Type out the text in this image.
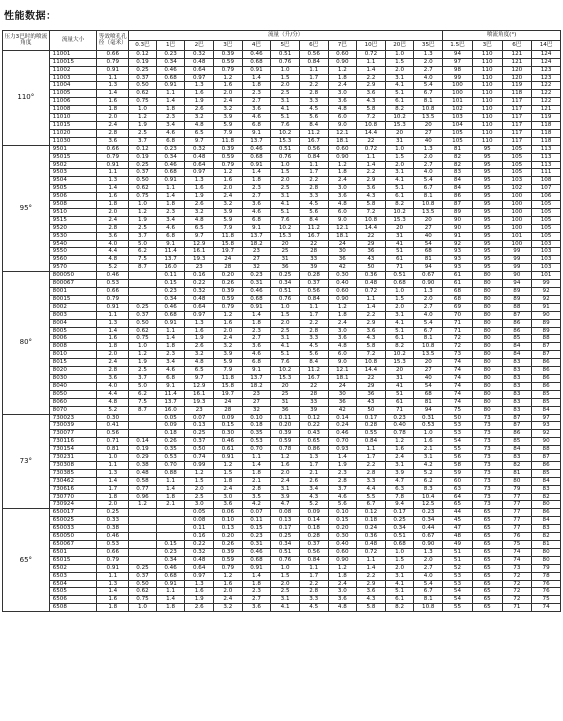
性能数据：
压力3巴时的喷流角度	流量大小	等效喷孔孔径（毫米）	流量（升/分）											喷流角度(°)			
			0.3巴	1巴	2巴	3巴	4巴	5巴	6巴	7巴	10巴	20巴	35巴	1.5巴	3巴	6巴	14巴
110°	11001	0.66	0.12	0.23	0.32	0.39	0.46	0.51	0.56	0.60	0.72	1.0	1.3	94	110	121	124
	110015	0.79	0.19	0.34	0.48	0.59	0.68	0.76	0.84	0.90	1.1	1.5	2.0	97	110	121	124
	11002	0.91	0.25	0.46	0.64	0.79	0.91	1.0	1.1	1.2	1.4	2.0	2.7	98	110	120	123
	11003	1.1	0.37	0.68	0.97	1.2	1.4	1.5	1.7	1.8	2.2	3.1	4.0	99	110	120	123
	11004	1.3	0.50	0.91	1.3	1.6	1.8	2.0	2.2	2.4	2.9	4.1	5.4	100	110	119	122
	11005	1.4	0.62	1.1	1.6	2.0	2.3	2.5	2.8	3.0	3.6	5.1	6.7	100	110	118	122
	11006	1.6	0.75	1.4	1.9	2.4	2.7	3.1	3.3	3.6	4.3	6.1	8.1	101	110	117	122
	11008	1.8	1.0	1.8	2.6	3.2	3.6	4.1	4.5	4.8	5.8	8.2	10.8	102	110	117	121
	11010	2.0	1.2	2.3	3.2	3.9	4.6	5.1	5.6	6.0	7.2	10.2	13.5	103	110	117	119
	11015	2.4	1.9	3.4	4.8	5.9	6.8	7.6	8.4	9.0	10.8	15.3	20	104	110	117	118
	11020	2.8	2.5	4.6	6.5	7.9	9.1	10.2	11.2	12.1	14.4	20	27	105	110	117	118
	11030	3.6	3.7	6.8	9.7	11.8	13.7	15.3	16.7	18.1	22	31	40	105	110	117	118
95°	9501	0.66	0.12	0.23	0.32	0.39	0.46	0.51	0.56	0.60	0.72	1.0	1.3	81	95	105	113
	95015	0.79	0.19	0.34	0.48	0.59	0.68	0.76	0.84	0.90	1.1	1.5	2.0	82	95	105	113
	9502	0.91	0.25	0.46	0.64	0.79	0.91	1.0	1.1	1.2	1.4	2.0	2.7	82	95	105	113
	9503	1.1	0.37	0.68	0.97	1.2	1.4	1.5	1.7	1.8	2.2	3.1	4.0	83	95	105	111
	9504	1.3	0.50	0.91	1.3	1.6	1.8	2.0	2.2	2.4	2.9	4.1	5.4	84	95	103	108
	9505	1.4	0.62	1.1	1.6	2.0	2.3	2.5	2.8	3.0	3.6	5.1	6.7	84	95	102	107
	9506	1.6	0.75	1.4	1.9	2.4	2.7	3.1	3.3	3.6	4.3	6.1	8.1	86	95	100	106
	9508	1.8	1.0	1.8	2.6	3.2	3.6	4.1	4.5	4.8	5.8	8.2	10.8	87	95	100	105
	9510	2.0	1.2	2.3	3.2	3.9	4.6	5.1	5.6	6.0	7.2	10.2	13.5	89	95	100	105
	9515	2.4	1.9	3.4	4.8	5.9	6.8	7.6	8.4	9.0	10.8	15.3	20	90	95	100	105
	9520	2.8	2.5	4.6	6.5	7.9	9.1	10.2	11.2	12.1	14.4	20	27	90	95	100	105
	9530	3.6	3.7	6.8	9.7	11.8	13.7	15.3	16.7	18.1	22	31	40	91	95	101	105
	9540	4.0	5.0	9.1	12.9	15.8	18.2	20	22	24	29	41	54	92	95	100	103
	9550	4.4	6.2	11.4	16.1	19.7	23	25	28	30	36	51	68	93	95	99	103
	9560	4.8	7.5	13.7	19.3	24	27	31	33	36	43	61	81	93	95	99	103
	9570	5.2	8.7	16.0	23	28	32	36	39	42	50	71	94	93	95	99	103
80°	800050	0.46		0.11	0.16	0.20	0.23	0.25	0.28	0.30	0.36	0.51	0.67	61	80	90	101
	800067	0.53		0.15	0.22	0.26	0.31	0.34	0.37	0.40	0.48	0.68	0.90	61	80	94	99
	8001	0.66		0.23	0.32	0.39	0.46	0.51	0.56	0.60	0.72	1.0	1.3	68	80	89	92
	80015	0.79		0.34	0.48	0.59	0.68	0.76	0.84	0.90	1.1	1.5	2.0	68	80	89	92
	8002	0.91	0.25	0.46	0.64	0.79	0.91	1.0	1.1	1.2	1.4	2.0	2.7	69	80	88	91
	8003	1.1	0.37	0.68	0.97	1.2	1.4	1.5	1.7	1.8	2.2	3.1	4.0	70	80	87	90
	8004	1.3	0.50	0.91	1.3	1.6	1.8	2.0	2.2	2.4	2.9	4.1	5.4	71	80	86	89
	8005	1.4	0.62	1.1	1.6	2.0	2.3	2.5	2.8	3.0	3.6	5.1	6.7	71	80	86	89
	8006	1.6	0.75	1.4	1.9	2.4	2.7	3.1	3.3	3.6	4.3	6.1	8.1	72	80	85	88
	8008	1.8	1.0	1.8	2.6	3.2	3.6	4.1	4.5	4.8	5.8	8.2	10.8	72	80	84	87
	8010	2.0	1.2	2.3	3.2	3.9	4.6	5.1	5.6	6.0	7.2	10.2	13.5	73	80	84	87
	8015	2.4	1.9	3.4	4.8	5.9	6.8	7.6	8.4	9.0	10.8	15.3	20	74	80	83	86
	8020	2.8	2.5	4.6	6.5	7.9	9.1	10.2	11.2	12.1	14.4	20	27	74	80	83	86
	8030	3.6	3.7	6.8	9.7	11.8	13.7	15.3	16.7	18.1	22	31	40	74	80	83	86
	8040	4.0	5.0	9.1	12.9	15.8	18.2	20	22	24	29	41	54	74	80	83	86
	8050	4.4	6.2	11.4	16.1	19.7	23	25	28	30	36	51	68	74	80	83	85
	8060	4.8	7.5	13.7	19.3	24	27	31	33	36	43	61	81	74	80	83	85
	8070	5.2	8.7	16.0	23	28	32	36	39	42	50	71	94	75	80	83	84
73°	730023	0.30		0.05	0.07	0.09	0.10	0.11	0.12	0.14	0.17	0.23	0.31	50	73	87	97
	730039	0.41		0.09	0.13	0.15	0.18	0.20	0.22	0.24	0.28	0.40	0.53	53	73	87	93
	730077	0.56		0.18	0.25	0.30	0.35	0.39	0.43	0.46	0.55	0.78	1.0	53	73	86	92
	730116	0.71	0.14	0.26	0.37	0.46	0.53	0.59	0.65	0.70	0.84	1.2	1.6	54	73	85	90
	730154	0.81	0.19	0.35	0.50	0.61	0.70	0.78	0.86	0.93	1.1	1.6	2.1	55	73	84	88
	730231	1.0	0.29	0.53	0.74	0.91	1.1	1.2	1.3	1.4	1.7	2.4	3.1	56	73	83	87
	730308	1.1	0.38	0.70	0.99	1.2	1.4	1.6	1.7	1.9	2.2	3.1	4.2	58	73	82	86
	730385	1.3	0.48	0.88	1.2	1.5	1.8	2.0	2.1	2.3	2.8	3.9	5.2	59	73	81	85
	730462	1.4	0.58	1.1	1.5	1.8	2.1	2.4	2.6	2.8	3.3	4.7	6.2	60	73	80	84
	730616	1.7	0.77	1.4	2.0	2.4	2.8	3.1	3.4	3.7	4.4	6.3	8.3	63	73	79	83
	730770	1.8	0.96	1.8	2.5	3.0	3.5	3.9	4.3	4.6	5.5	7.8	10.4	64	73	77	82
	730924	2.0	1.2	2.1	3.0	3.6	4.2	4.7	5.2	5.6	6.7	9.4	12.5	65	73	77	80
65°	650017	0.25			0.05	0.06	0.07	0.08	0.09	0.10	0.12	0.17	0.23	44	65	77	86
	650025	0.33			0.08	0.10	0.11	0.13	0.14	0.15	0.18	0.25	0.34	45	65	77	84
	650033	0.38			0.11	0.13	0.15	0.17	0.18	0.20	0.24	0.34	0.44	47	65	77	83
	650050	0.46			0.16	0.20	0.23	0.25	0.28	0.30	0.36	0.51	0.67	48	65	76	82
	650067	0.53		0.15	0.22	0.26	0.31	0.34	0.37	0.40	0.48	0.68	0.90	49	65	75	81
	6501	0.66		0.23	0.32	0.39	0.46	0.51	0.56	0.60	0.72	1.0	1.3	51	65	74	80
	65015	0.79		0.34	0.48	0.59	0.68	0.76	0.84	0.90	1.1	1.5	2.0	51	65	74	80
	6502	0.91	0.25	0.46	0.64	0.79	0.91	1.0	1.1	1.2	1.4	2.0	2.7	52	65	73	79
	6503	1.1	0.37	0.68	0.97	1.2	1.4	1.5	1.7	1.8	2.2	3.1	4.0	53	65	72	78
	6504	1.3	0.50	0.91	1.3	1.6	1.8	2.0	2.2	2.4	2.9	4.1	5.4	53	65	72	76
	6505	1.4	0.62	1.1	1.6	2.0	2.3	2.5	2.8	3.0	3.6	5.1	6.7	54	65	72	76
	6506	1.6	0.75	1.4	1.9	2.4	2.7	3.1	3.3	3.6	4.3	6.1	8.1	54	65	72	75
	6508	1.8	1.0	1.8	2.6	3.2	3.6	4.1	4.5	4.8	5.8	8.2	10.8	55	65	71	74
